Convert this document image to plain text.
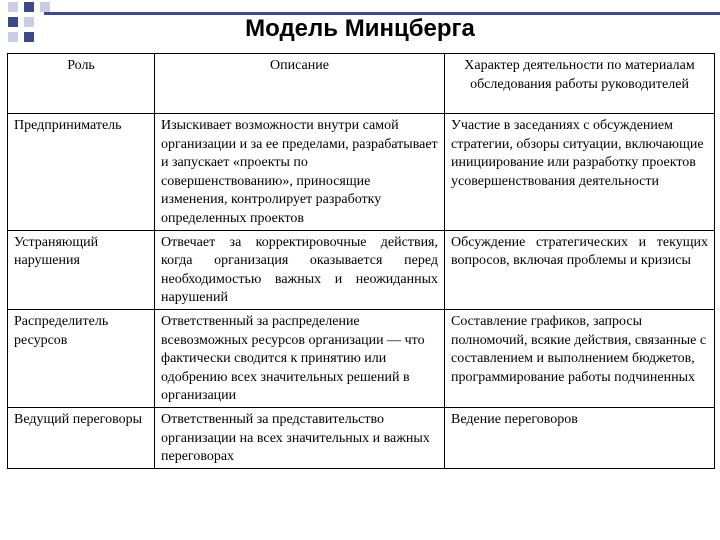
Модель Минцберга
Роль	Описание	Характер деятельности по материалам обследования работы руководителей
Предприниматель	Изыскивает возможности внутри самой организации и за ее пределами, разрабатывает и запускает «проекты по совершенствованию», приносящие изменения, контролирует разработку определенных проектов	Участие в заседаниях с обсуждением стратегии, обзоры ситуации, включающие инициирование или разработку проектов усовершенствования деятельности
Устраняющий нарушения	Отвечает за корректировочные действия, когда организация оказывается перед необходимостью важных и неожиданных нарушений	Обсуждение стратегических и текущих вопросов, включая проблемы и кризисы
Распределитель ресурсов	Ответственный за распределение всевозможных ресурсов организации — что фактически сводится к принятию или одобрению всех значительных решений в организации	Составление графиков, запросы полномочий, всякие действия, связанные с составлением и выполнением бюджетов, программирование работы подчиненных
Ведущий переговоры	Ответственный за представительство организации на всех значительных и важных переговорах	Ведение переговоров
